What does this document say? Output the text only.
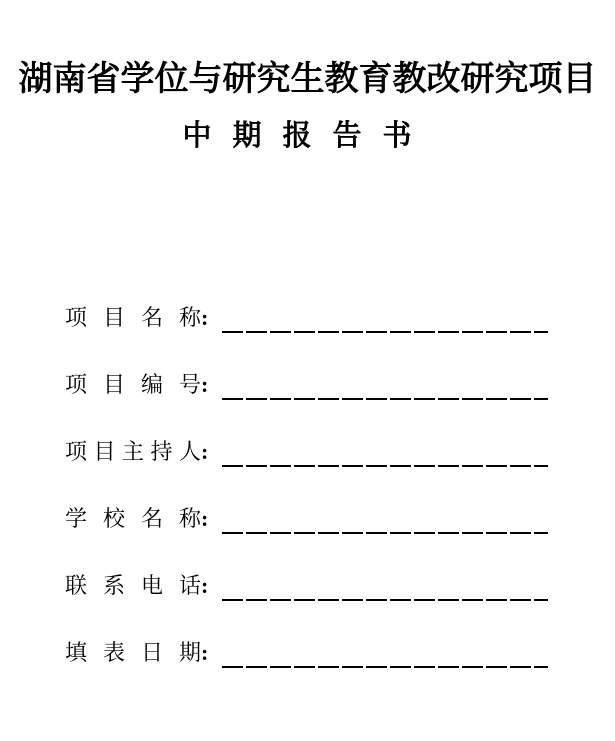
湖南省学位与研究生教育教改研究项目
中期报告书
项目名称 :
项目编号 :
项目主持人 :
学校名称 :
联系电话 :
填表日期 :
